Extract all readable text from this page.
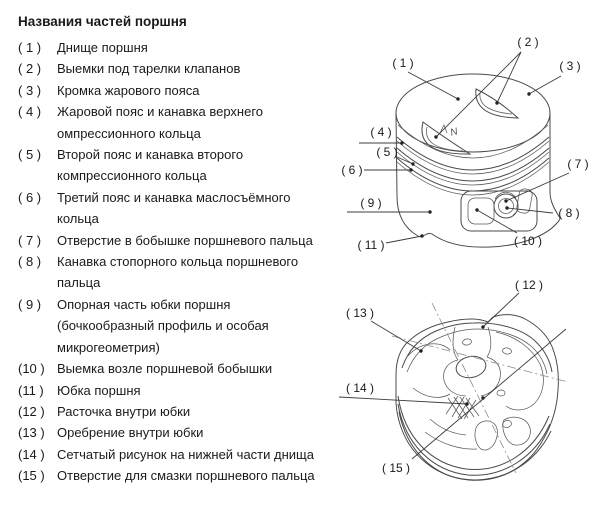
Названия частей поршня
( 1 )	Днище поршня
( 2 )	Выемки под тарелки клапанов
( 3 )	Кромка жарового пояса
( 4 )	Жаровой пояс и канавка верхнего
омпрессионного кольца
( 5 )	Второй пояс и канавка второго
компрессионного кольца
( 6 )	Третий пояс и канавка маслосъёмного
кольца
( 7 )	Отверстие в бобышке поршневого пальца
( 8 )	Канавка стопорного кольца поршневого
пальца
( 9 )	Опорная часть юбки поршня
(бочкообразный профиль и особая
микрогеометрия)
(10 ) Выемка возле поршневой бобышки
(11 )	Юбка поршня
(12 ) Расточка внутри юбки
(13 ) Оребрение внутри юбки
(14 ) Сетчатый рисунок на нижней части днища
(15 ) Отверстие для смазки поршневого пальца
N
( 1 )
( 2 )
( 3 )
( 4 )
( 5 )
( 6 )	( 7 )
( 8 )
( 9 )
( 10 )
( 11 )
( 12 )
( 13 )
( 14 )
( 15 )
